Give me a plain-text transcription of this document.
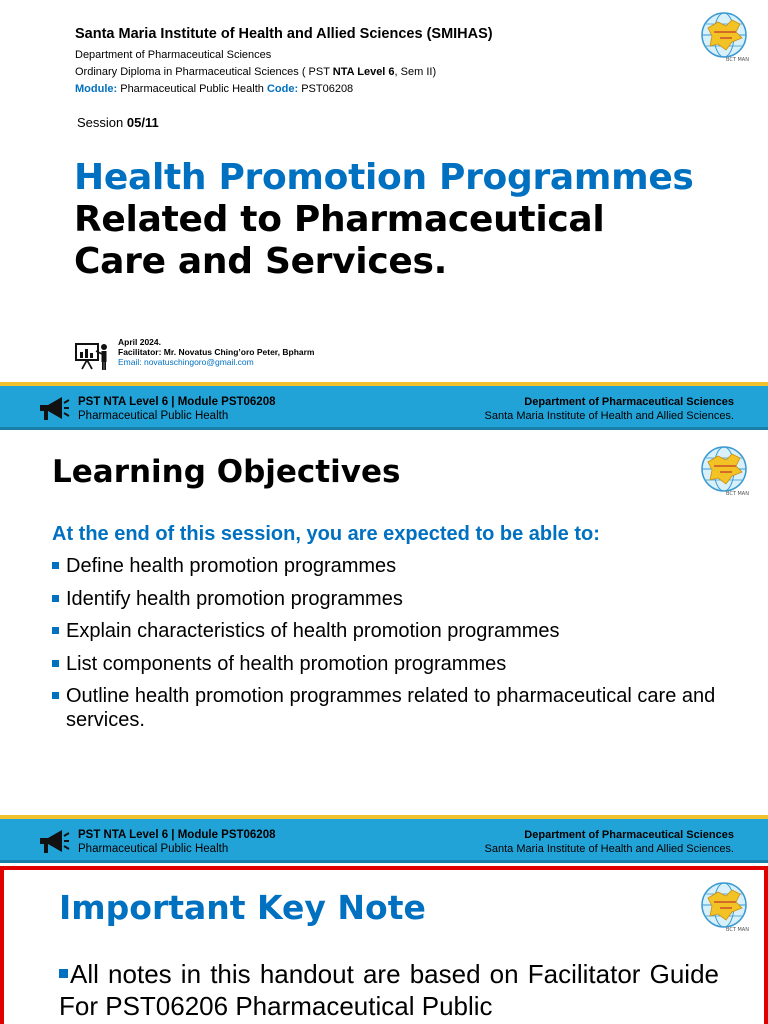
Santa Maria Institute of Health and Allied Sciences (SMIHAS)
Department of Pharmaceutical Sciences
Ordinary Diploma in Pharmaceutical Sciences ( PST NTA Level 6, Sem II)
Module: Pharmaceutical Public Health Code: PST06208
BCT MAN
Session 05/11
Health Promotion Programmes
Related to Pharmaceutical
Care and Services.
April 2024.
Facilitator: Mr. Novatus Ching’oro Peter, Bpharm
Email: novatuschingoro@gmail.com
PST NTA Level 6 | Module PST06208
Pharmaceutical Public Health
Department of Pharmaceutical Sciences
Santa Maria Institute of Health and Allied Sciences.
Learning Objectives
BCT MAN
At the end of this session, you are expected to be able to:
Define health promotion programmes
Identify health promotion programmes
Explain characteristics of health promotion programmes
List components of health promotion programmes
Outline health promotion programmes related to pharmaceutical care and services.
PST NTA Level 6 | Module PST06208
Pharmaceutical Public Health
Department of Pharmaceutical Sciences
Santa Maria Institute of Health and Allied Sciences.
Important Key Note
BCT MAN
All notes in this handout are based on Facilitator Guide For PST06206 Pharmaceutical Public
